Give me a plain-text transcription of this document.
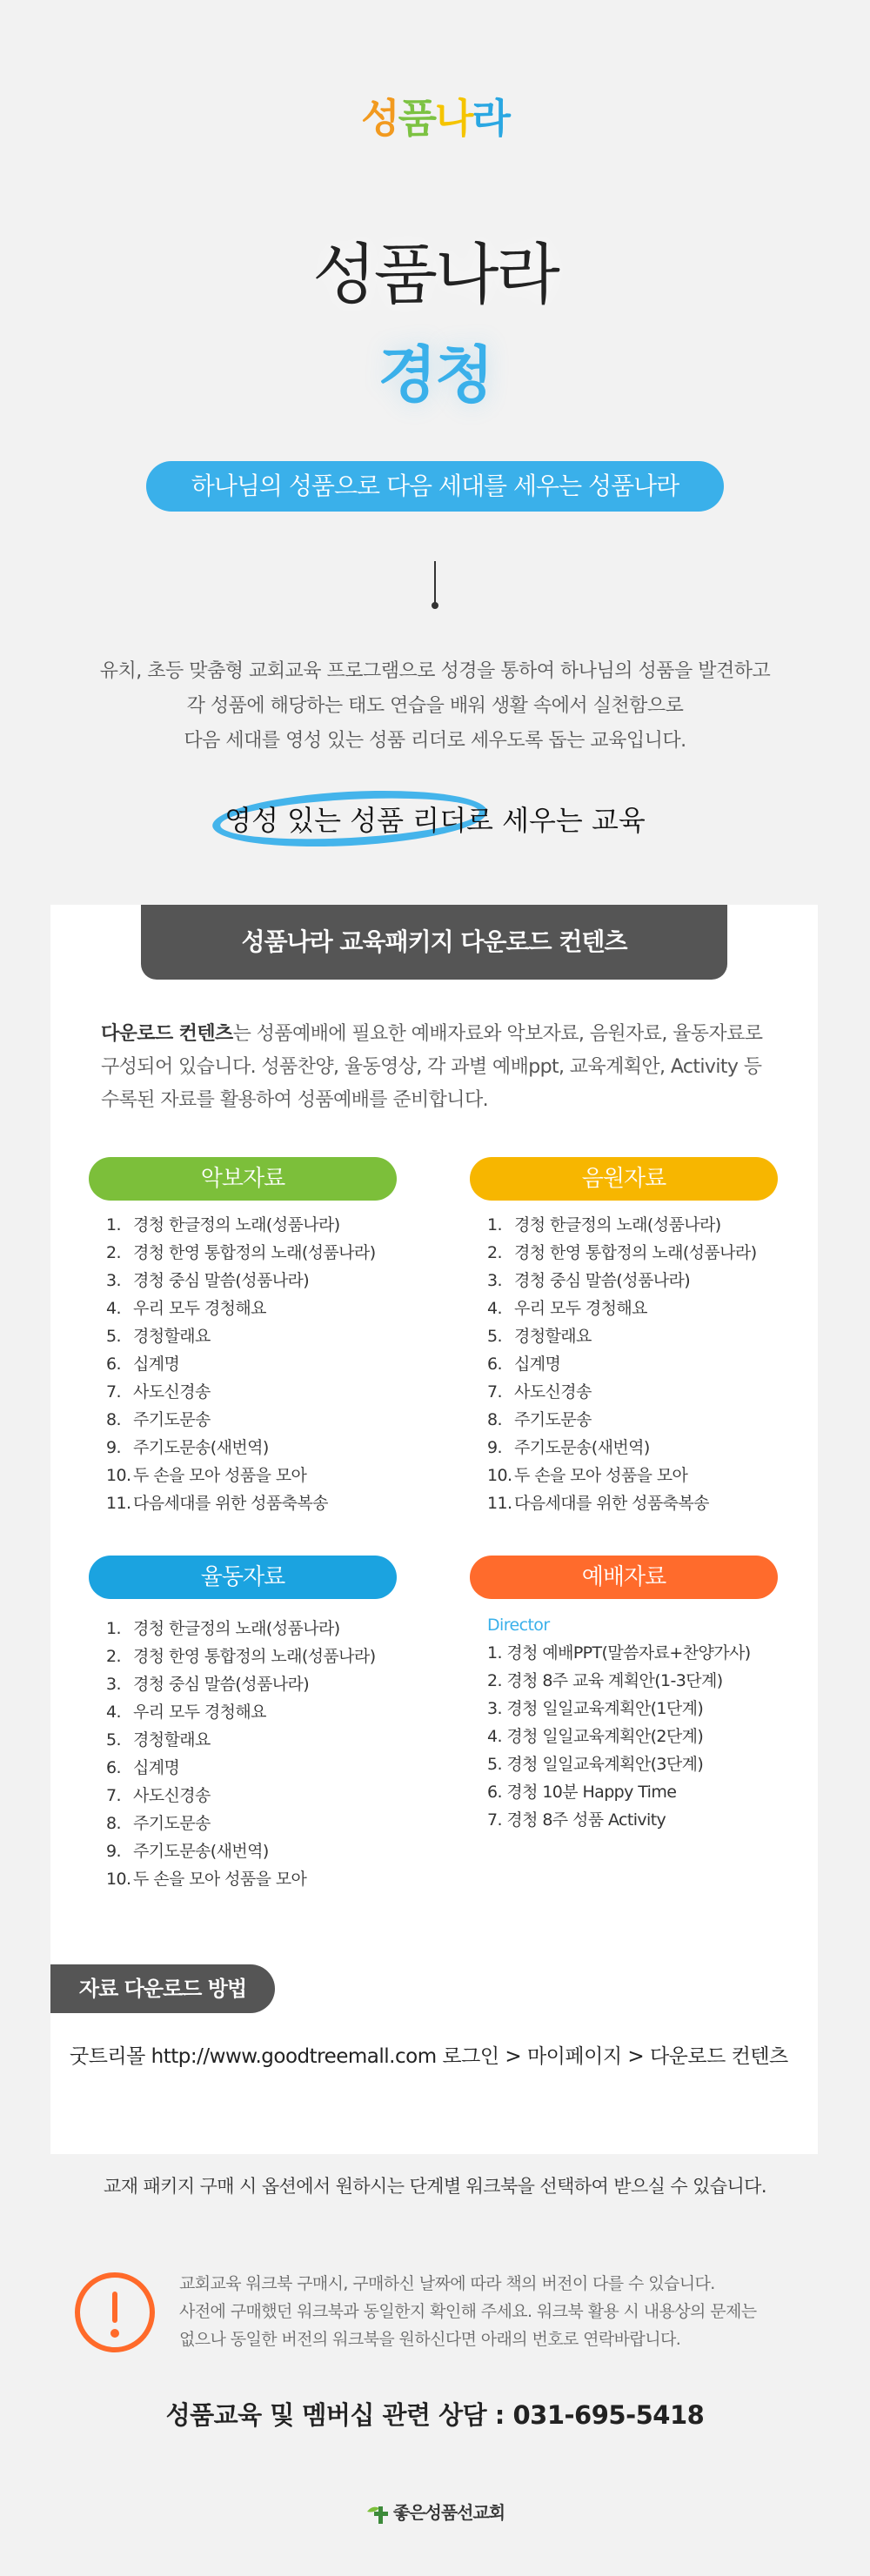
성품나라
성품나라
경청
하나님의 성품으로 다음 세대를 세우는 성품나라
유치, 초등 맞춤형 교회교육 프로그램으로 성경을 통하여 하나님의 성품을 발견하고
각 성품에 해당하는 태도 연습을 배워 생활 속에서 실천함으로
다음 세대를 영성 있는 성품 리더로 세우도록 돕는 교육입니다.
영성 있는 성품 리더로 세우는 교육
성품나라 교육패키지 다운로드 컨텐츠
다운로드 컨텐츠는 성품예배에 필요한 예배자료와 악보자료, 음원자료, 율동자료로
구성되어 있습니다. 성품찬양, 율동영상, 각 과별 예배ppt, 교육계획안, Activity 등
수록된 자료를 활용하여 성품예배를 준비합니다.
악보자료
1. 경청 한글정의 노래(성품나라)
2. 경청 한영 통합정의 노래(성품나라)
3. 경청 중심 말씀(성품나라)
4. 우리 모두 경청해요
5. 경청할래요
6. 십계명
7. 사도신경송
8. 주기도문송
9. 주기도문송(새번역)
10. 두 손을 모아 성품을 모아
11. 다음세대를 위한 성품축복송
음원자료
1. 경청 한글정의 노래(성품나라)
2. 경청 한영 통합정의 노래(성품나라)
3. 경청 중심 말씀(성품나라)
4. 우리 모두 경청해요
5. 경청할래요
6. 십계명
7. 사도신경송
8. 주기도문송
9. 주기도문송(새번역)
10. 두 손을 모아 성품을 모아
11. 다음세대를 위한 성품축복송
율동자료
1. 경청 한글정의 노래(성품나라)
2. 경청 한영 통합정의 노래(성품나라)
3. 경청 중심 말씀(성품나라)
4. 우리 모두 경청해요
5. 경청할래요
6. 십계명
7. 사도신경송
8. 주기도문송
9. 주기도문송(새번역)
10. 두 손을 모아 성품을 모아
예배자료
Director
1. 경청 예배PPT(말씀자료+찬양가사)
2. 경청 8주 교육 계획안(1-3단계)
3. 경청 일일교육계획안(1단계)
4. 경청 일일교육계획안(2단계)
5. 경청 일일교육계획안(3단계)
6. 경청 10분 Happy Time
7. 경청 8주 성품 Activity
자료 다운로드 방법
굿트리몰 http://www.goodtreemall.com 로그인 > 마이페이지 > 다운로드 컨텐츠
교재 패키지 구매 시 옵션에서 원하시는 단계별 워크북을 선택하여 받으실 수 있습니다.
교회교육 워크북 구매시, 구매하신 날짜에 따라 책의 버전이 다를 수 있습니다.
사전에 구매했던 워크북과 동일한지 확인해 주세요. 워크북 활용 시 내용상의 문제는
없으나 동일한 버전의 워크북을 원하신다면 아래의 번호로 연락바랍니다.
성품교육 및 멤버십 관련 상담 : 031-695-5418
좋은성품선교회
